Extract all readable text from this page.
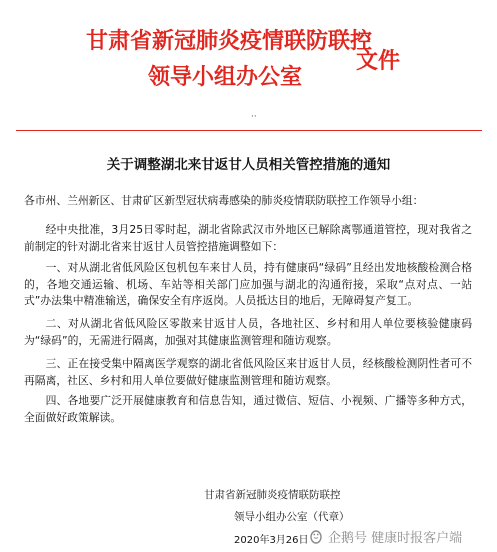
甘肃省新冠肺炎疫情联防联控
领导小组办公室
文件
··
关于调整湖北来甘返甘人员相关管控措施的通知
各市州、兰州新区、甘肃矿区新型冠状病毒感染的肺炎疫情联防联控工作领导小组：
经中央批准，3月25日零时起，湖北省除武汉市外地区已解除离鄂通道管控，现对我省之前制定的针对湖北省来甘返甘人员管控措施调整如下：
一、对从湖北省低风险区包机包车来甘人员，持有健康码“绿码”且经出发地核酸检测合格的，各地交通运输、机场、车站等相关部门应加强与湖北的沟通衔接，采取“点对点、一站式”办法集中精准输送，确保安全有序返岗。人员抵达目的地后，无障碍复产复工。
二、对从湖北省低风险区零散来甘返甘人员，各地社区、乡村和用人单位要核验健康码为“绿码”的，无需进行隔离，加强对其健康监测管理和随访观察。
三、正在接受集中隔离医学观察的湖北省低风险区来甘返甘人员，经核酸检测阴性者可不再隔离，社区、乡村和用人单位要做好健康监测管理和随访观察。
四、各地要广泛开展健康教育和信息告知，通过微信、短信、小视频、广播等多种方式，全面做好政策解读。
甘肃省新冠肺炎疫情联防联控
领导小组办公室（代章）
2020年3月26日 企鹅号 健康时报客户端
